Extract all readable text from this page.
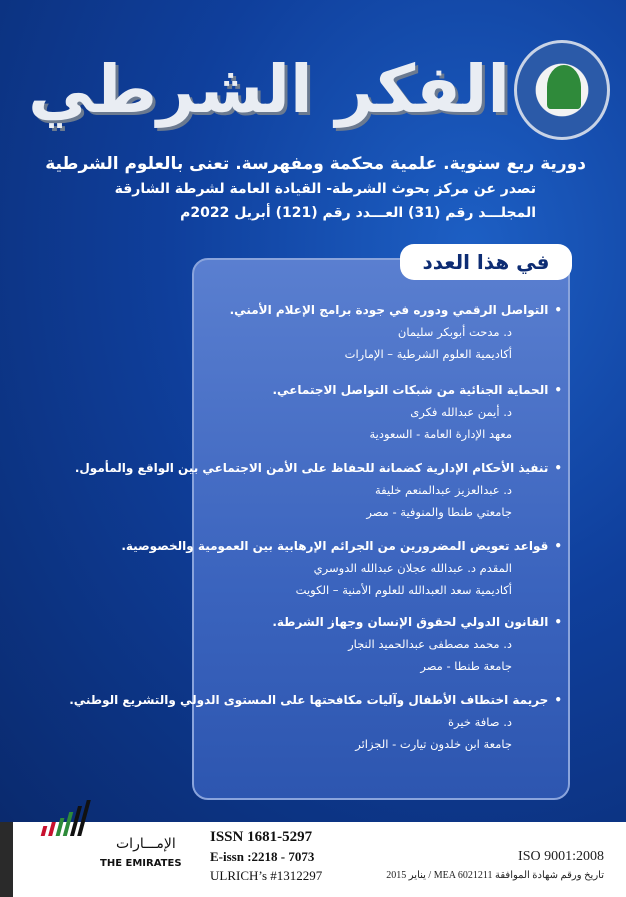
الفكر الشرطي
دورية ربع سنوية. علمية محكمة ومفهرسة. تعنى بالعلوم الشرطية
تصدر عن مركز بحوث الشرطة- القيادة العامة لشرطة الشارقة
المجلـــد رقم (31) العـــدد رقم (121) أبريل 2022م
في هذا العدد
• التواصل الرقمي ودوره في جودة برامج الإعلام الأمني.
د. مدحت أبوبكر سليمان
أكاديمية العلوم الشرطية – الإمارات
• الحماية الجنائية من شبكات التواصل الاجتماعي.
د. أيمن عبدالله فكرى
معهد الإدارة العامة - السعودية
• تنفيذ الأحكام الإدارية كضمانة للحفاظ على الأمن الاجتماعي بين الواقع والمأمول.
د. عبدالعزيز عبدالمنعم خليفة
جامعتي طنطا والمنوفية - مصر
• قواعد تعويض المضرورين من الجرائم الإرهابية بين العمومية والخصوصية.
المقدم د. عبدالله عجلان عبدالله الدوسري
أكاديمية سعد العبدالله للعلوم الأمنية – الكويت
• القانون الدولي لحقوق الإنسان وجهاز الشرطة.
د. محمد مصطفى عبدالحميد النجار
جامعة طنطا - مصر
• جريمة اختطاف الأطفال وآليات مكافحتها على المستوى الدولي والتشريع الوطني.
د. صافة خيرة
جامعة ابن خلدون تيارت - الجزائر
الإمـــارات
THE EMIRATES
ISSN 1681-5297
E-issn :2218 - 7073
ULRICH’s #1312297
ISO 9001:2008
تاريخ ورقم شهادة الموافقة MEA 6021211 / يناير 2015
